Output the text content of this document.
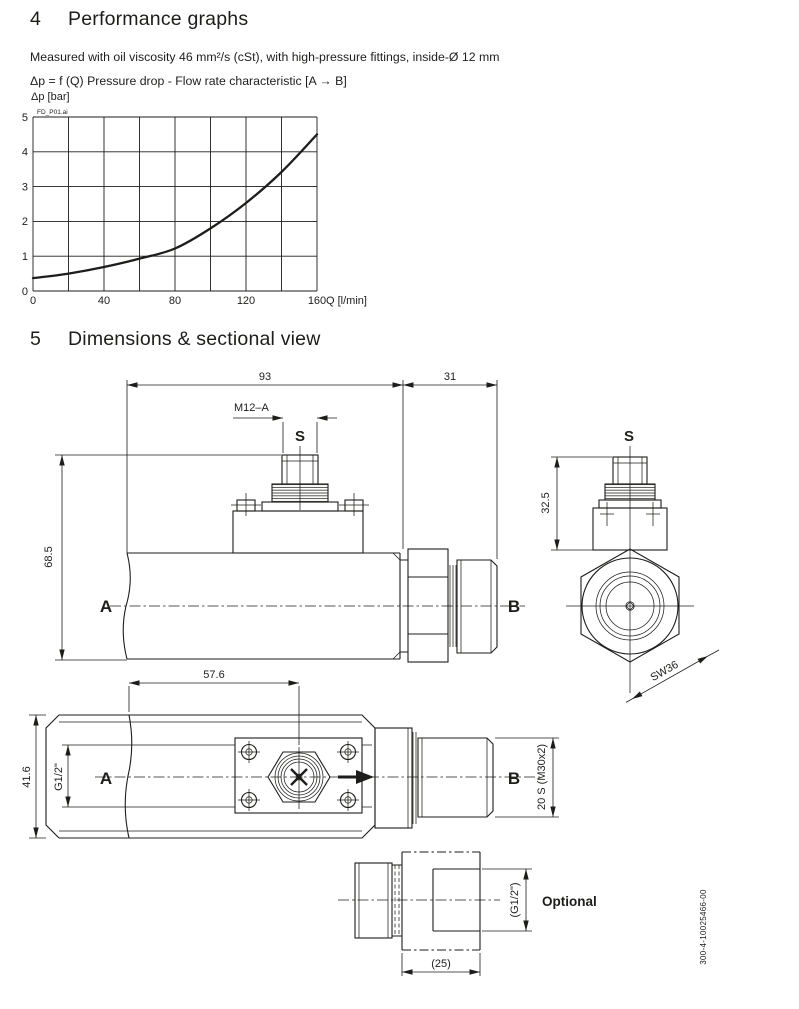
4	Performance graphs
Measured with oil viscosity 46 mm²/s (cSt), with high-pressure fittings, inside-Ø 12 mm
Δp = f (Q) Pressure drop - Flow rate characteristic [A → B]
0
1
2
3
4
5
0	40	80	120	160
Δp [bar]
Q [l/min]
FD_P01.ai
5	Dimensions & sectional view
93	31
M12–A
S
A	B
68.5
S
32.5
SW36
57.6
A	B
41.6 G1/2"	20 S (M30x2)
(G1/2")
(25)
Optional	300-4-10025466-00
